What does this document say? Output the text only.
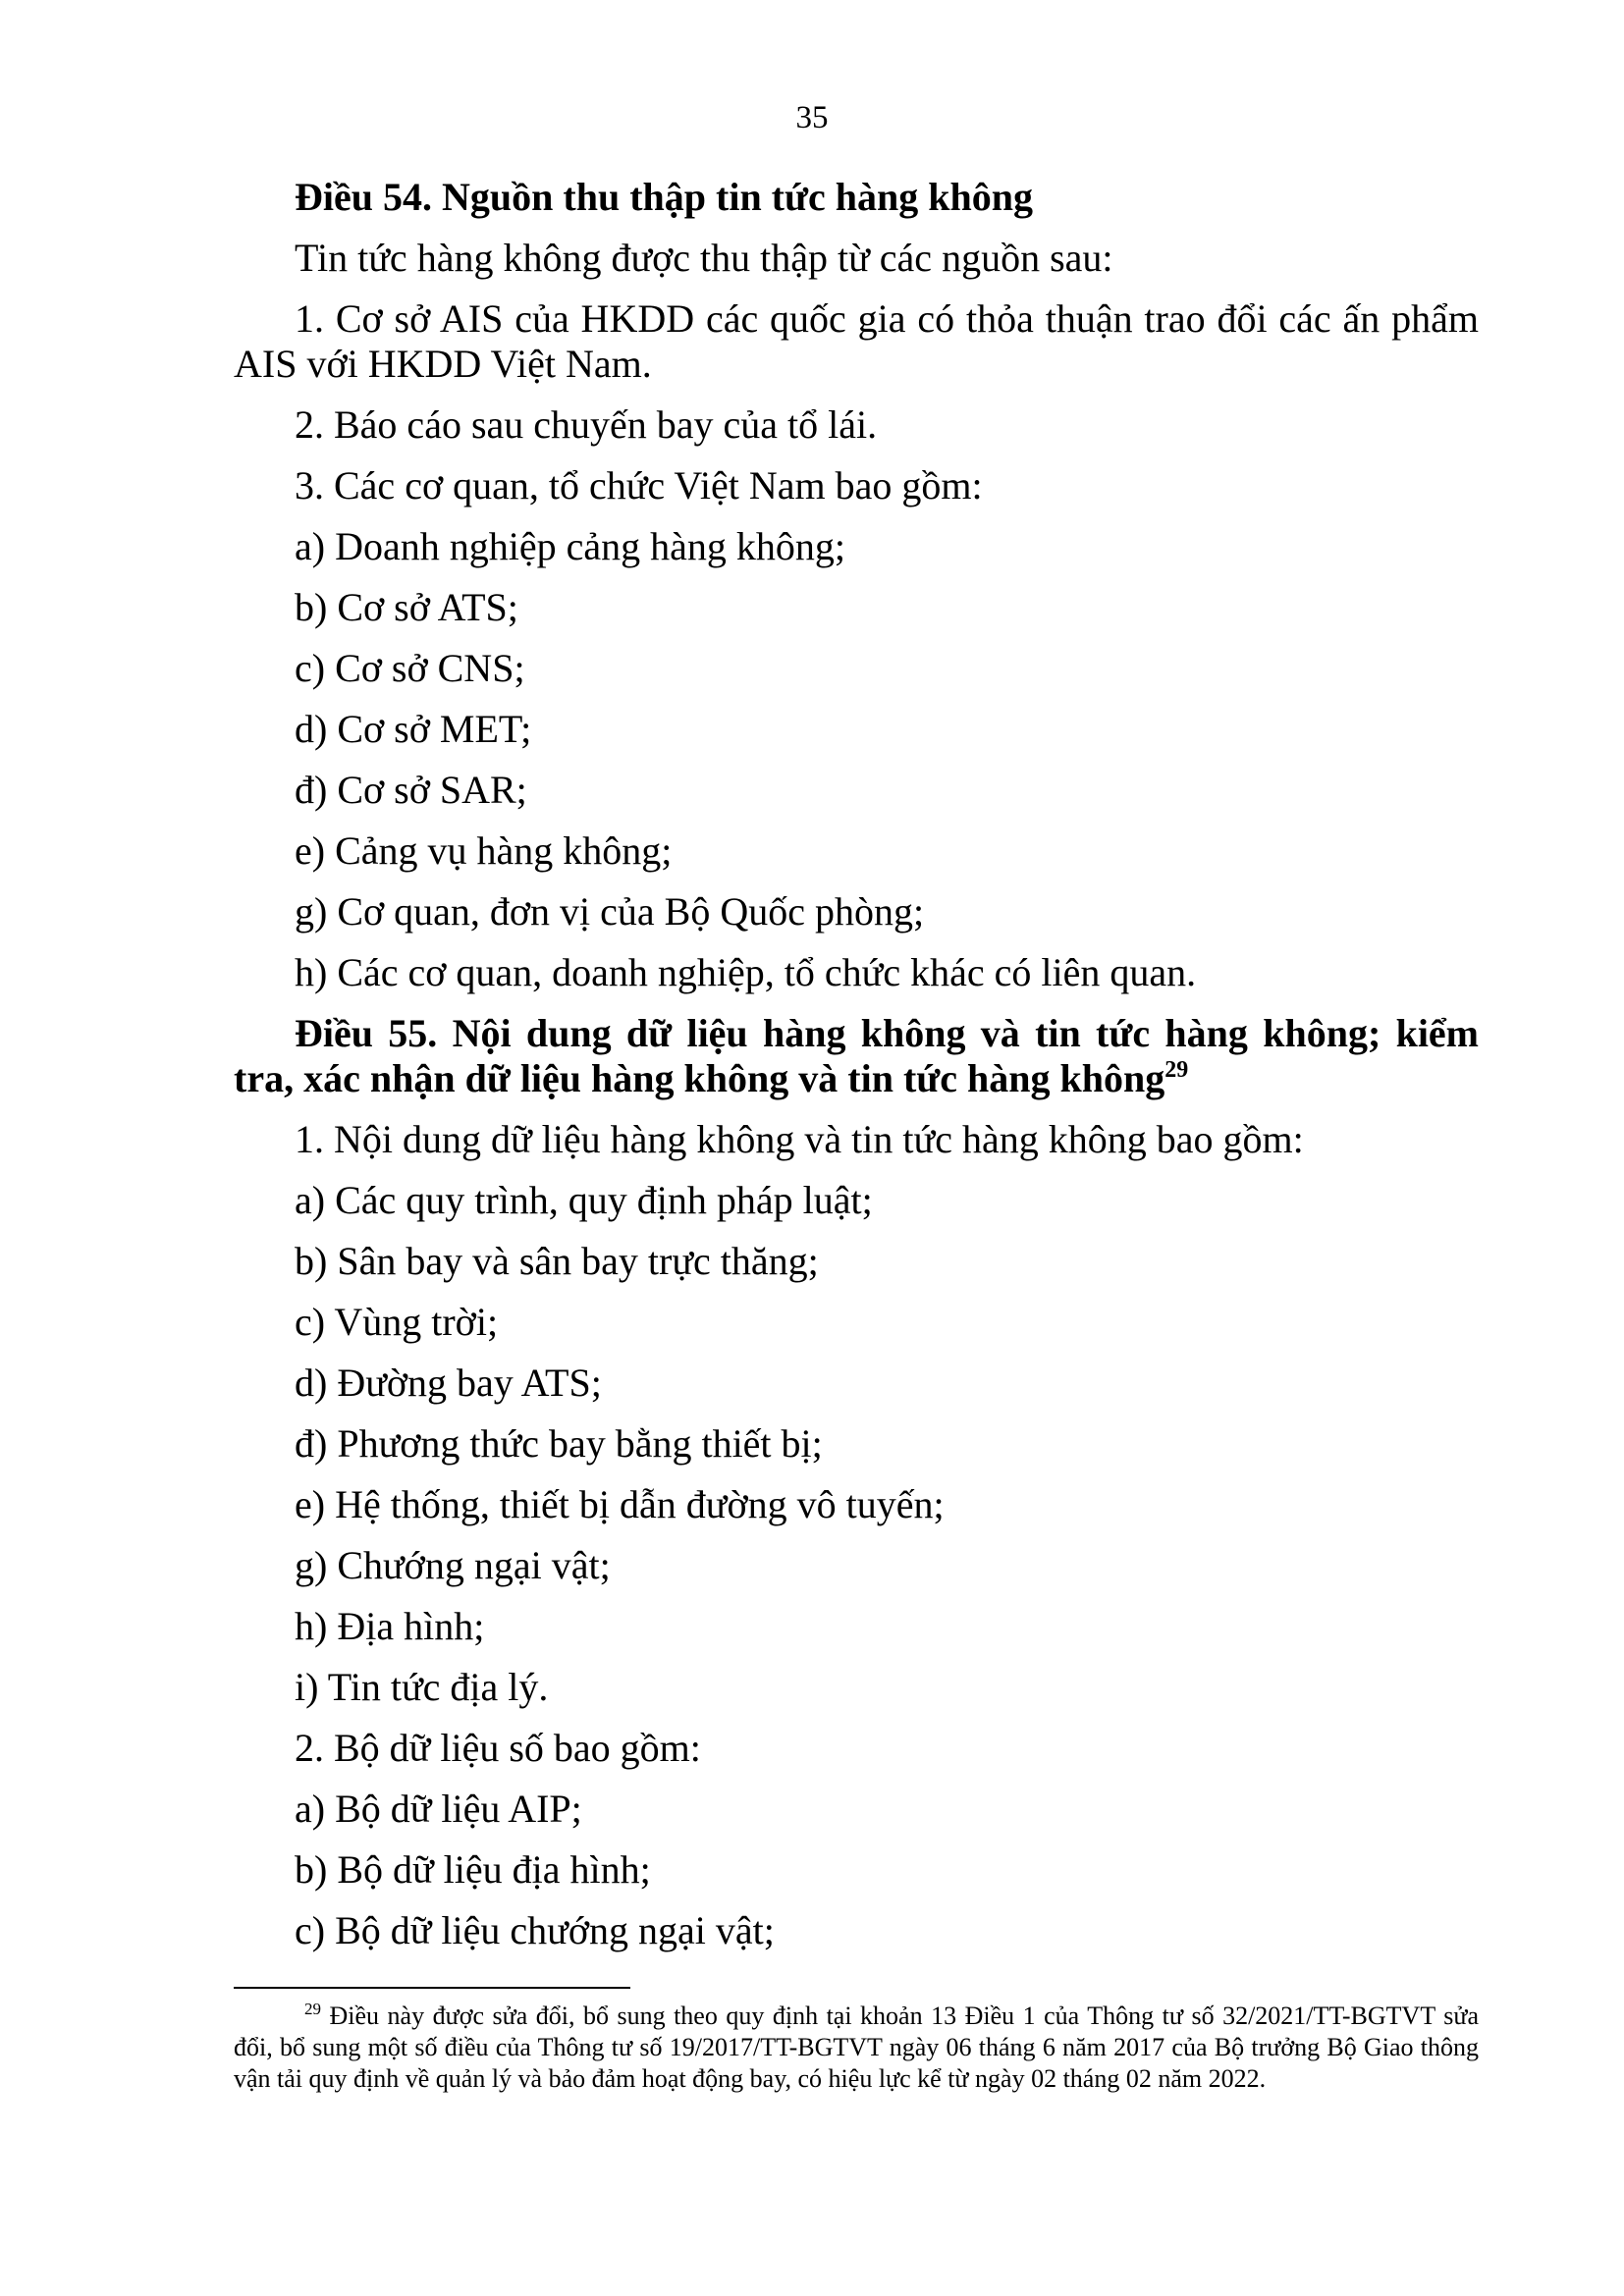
35
Điều 54. Nguồn thu thập tin tức hàng không
Tin tức hàng không được thu thập từ các nguồn sau:
1. Cơ sở AIS của HKDD các quốc gia có thỏa thuận trao đổi các ấn phẩm AIS với HKDD Việt Nam.
2. Báo cáo sau chuyến bay của tổ lái.
3. Các cơ quan, tổ chức Việt Nam bao gồm:
a) Doanh nghiệp cảng hàng không;
b) Cơ sở ATS;
c) Cơ sở CNS;
d) Cơ sở MET;
đ) Cơ sở SAR;
e) Cảng vụ hàng không;
g) Cơ quan, đơn vị của Bộ Quốc phòng;
h) Các cơ quan, doanh nghiệp, tổ chức khác có liên quan.
Điều 55. Nội dung dữ liệu hàng không và tin tức hàng không; kiểm tra, xác nhận dữ liệu hàng không và tin tức hàng không$^{29}$
1. Nội dung dữ liệu hàng không và tin tức hàng không bao gồm:
a) Các quy trình, quy định pháp luật;
b) Sân bay và sân bay trực thăng;
c) Vùng trời;
d) Đường bay ATS;
đ) Phương thức bay bằng thiết bị;
e) Hệ thống, thiết bị dẫn đường vô tuyến;
g) Chướng ngại vật;
h) Địa hình;
i) Tin tức địa lý.
2. Bộ dữ liệu số bao gồm:
a) Bộ dữ liệu AIP;
b) Bộ dữ liệu địa hình;
c) Bộ dữ liệu chướng ngại vật;
$^{29}$ Điều này được sửa đổi, bổ sung theo quy định tại khoản 13 Điều 1 của Thông tư số 32/2021/TT-BGTVT sửa đổi, bổ sung một số điều của Thông tư số 19/2017/TT-BGTVT ngày 06 tháng 6 năm 2017 của Bộ trưởng Bộ Giao thông vận tải quy định về quản lý và bảo đảm hoạt động bay, có hiệu lực kể từ ngày 02 tháng 02 năm 2022.
